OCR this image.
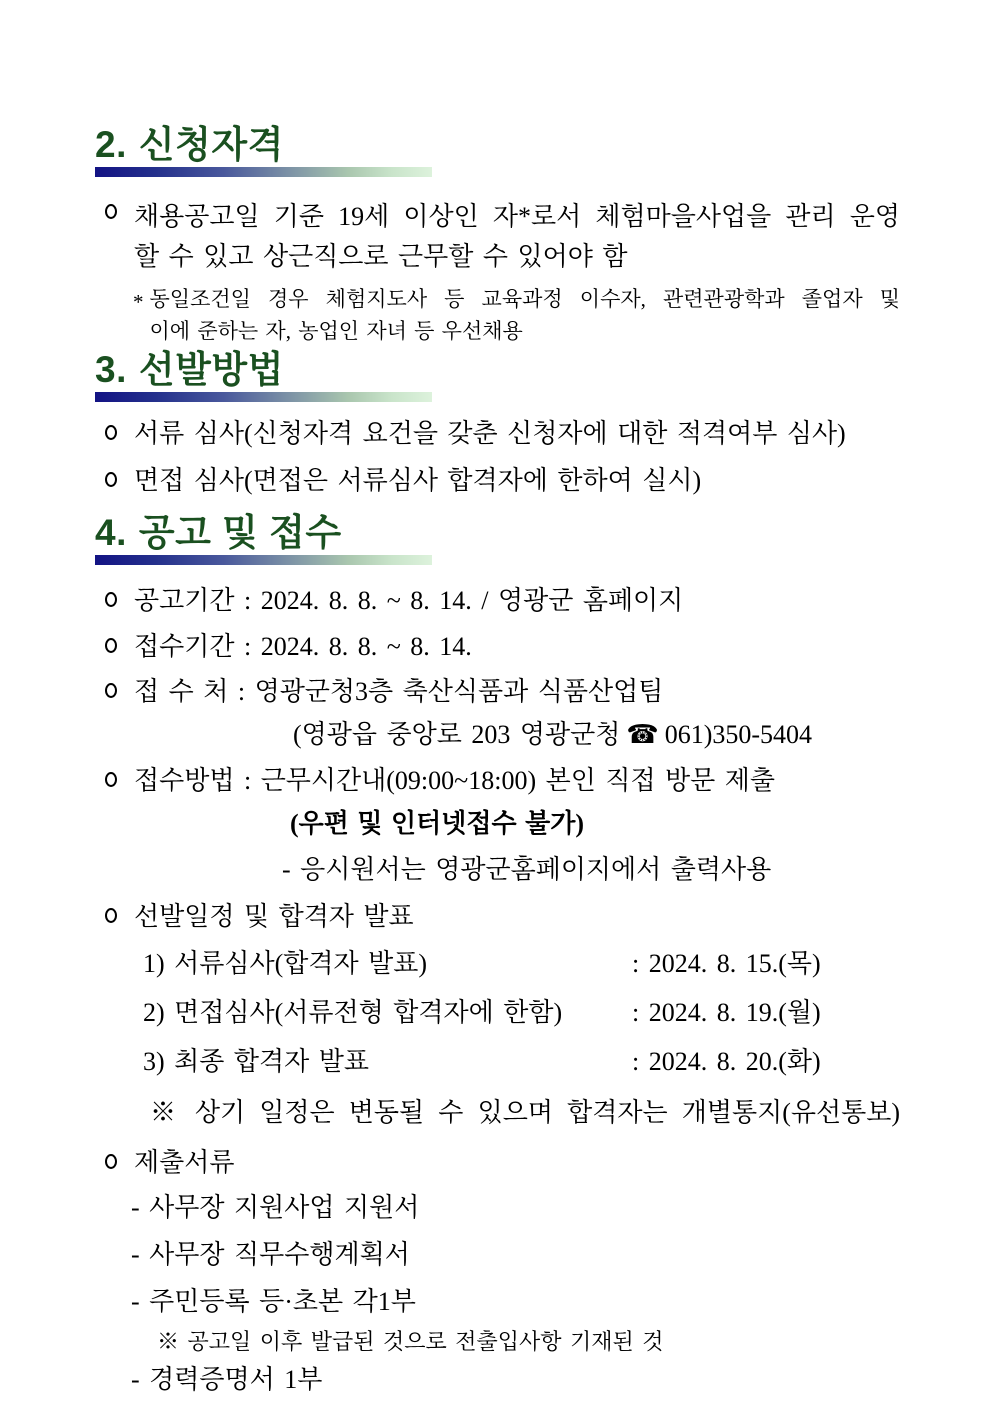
2. 신청자격
채용공고일 기준 19세 이상인 자*로서 체험마을사업을 관리 운영
할 수 있고 상근직으로 근무할 수 있어야 함
* 동일조건일 경우 체험지도사 등 교육과정 이수자, 관련관광학과 졸업자 및
이에 준하는 자, 농업인 자녀 등 우선채용
3. 선발방법
서류 심사(신청자격 요건을 갖춘 신청자에 대한 적격여부 심사)
면접 심사(면접은 서류심사 합격자에 한하여 실시)
4. 공고 및 접수
공고기간 : 2024. 8. 8. ~ 8. 14. / 영광군 홈페이지
접수기간 : 2024. 8. 8. ~ 8. 14.
접 수 처 : 영광군청3층 축산식품과 식품산업팀
(영광읍 중앙로 203 영광군청 ☎ 061)350-5404
접수방법 : 근무시간내(09:00~18:00) 본인 직접 방문 제출
(우편 및 인터넷접수 불가)
- 응시원서는 영광군홈페이지에서 출력사용
선발일정 및 합격자 발표
1) 서류심사(합격자 발표)	: 2024. 8. 15.(목)
2) 면접심사(서류전형 합격자에 한함)	: 2024. 8. 19.(월)
3) 최종 합격자 발표	: 2024. 8. 20.(화)
※ 상기 일정은 변동될 수 있으며 합격자는 개별통지(유선통보)
제출서류
- 사무장 지원사업 지원서
- 사무장 직무수행계획서
- 주민등록 등·초본 각1부
※ 공고일 이후 발급된 것으로 전출입사항 기재된 것
- 경력증명서 1부
